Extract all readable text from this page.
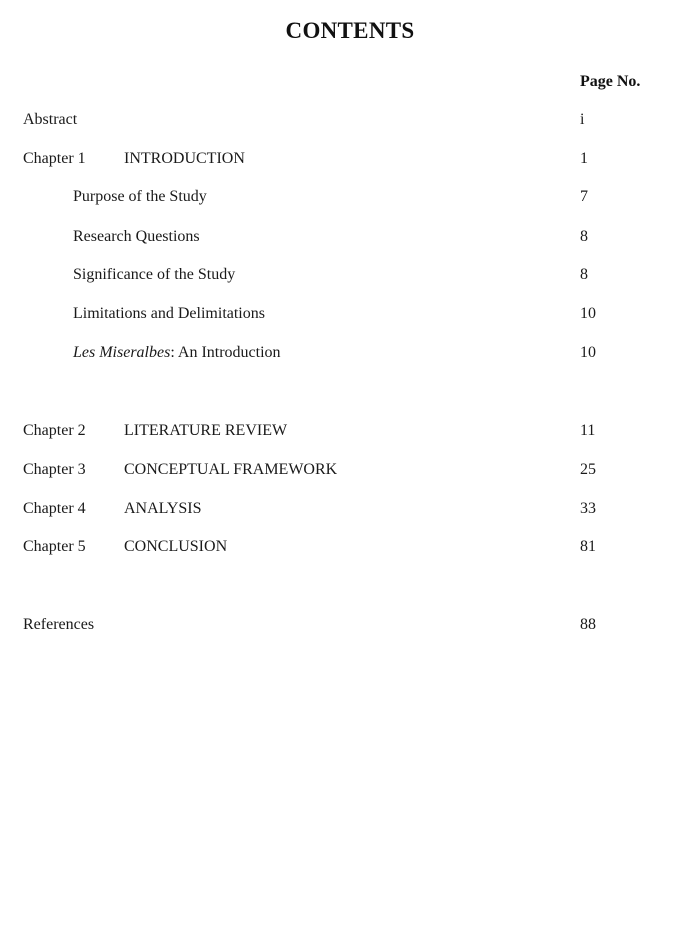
CONTENTS
Page No.
Abstract	i
Chapter 1 INTRODUCTION	1
Purpose of the Study	7
Research Questions	8
Significance of the Study	8
Limitations and Delimitations	10
Les Miseralbes: An Introduction	10
Chapter 2 LITERATURE REVIEW	11
Chapter 3 CONCEPTUAL FRAMEWORK	25
Chapter 4 ANALYSIS	33
Chapter 5 CONCLUSION	81
References	88
